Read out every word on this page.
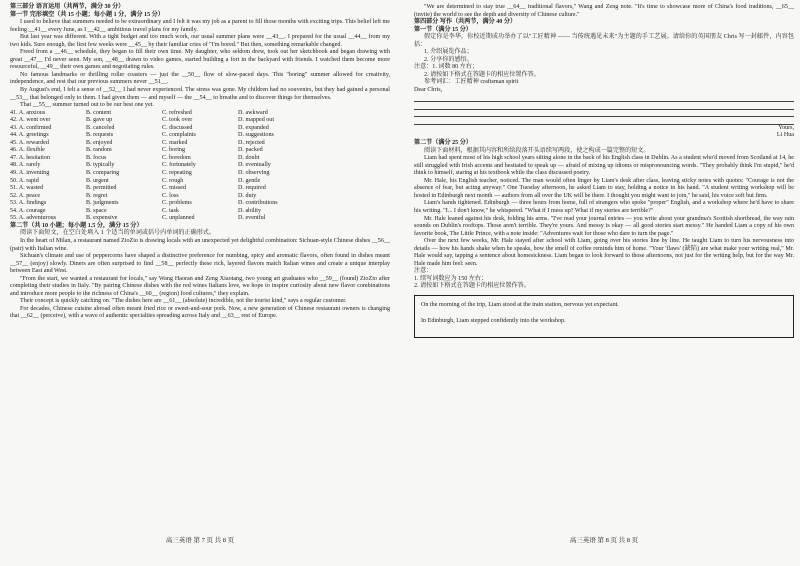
第三部分 语言运用（共两节，满分 30 分）

第一节 完形填空（共 15 小题；每小题 1 分，满分 15 分）

I used to believe that summers needed to be extraordinary and I felt it was my job as a parent to fill those months with exciting trips. This belief left me feeling __41__ every June, as I __42__ ambitious travel plans for my family.

But last year was different. With a tight budget and too much work, our usual summer plans were __43__. I prepared for the usual __44__ from my two kids. Sure enough, the first few weeks were __45__ by their familiar cries of "I'm bored." But then, something remarkable changed.

Freed from a __46__ schedule, they began to fill their own time. My daughter, who seldom drew, took out her sketchbook and began drawing with great __47__ I'd never seen. My son, __48__ drawn to video games, started building a fort in the backyard with friends. I watched them become more resourceful, __49__ their own games and negotiating rules.

No famous landmarks or thrilling roller coasters — just the __50__ flow of slow-paced days. This "boring" summer allowed for creativity, independence, and rest that our previous summers never __51__.

By August's end, I felt a sense of __52__ I had never experienced. The stress was gone. My children had no souvenirs, but they had gained a personal __53__ that belonged only to them. I had given them — and myself — the __54__ to breathe and to discover things for themselves.

That __55__ summer turned out to be our best one yet.

41. A. anxious	B. content	C. refreshed	D. awkward
42. A. went over	B. gave up	C. took over	D. mapped out
43. A. confirmed	B. canceled	C. discussed	D. expanded
44. A. greetings	B. requests	C. complaints	D. suggestions
45. A. rewarded	B. enjoyed	C. marked	D. rejected
46. A. flexible	B. random	C. boring	D. packed
47. A. hesitation	B. focus	C. boredom	D. doubt
48. A. rarely	B. typically	C. fortunately	D. eventually
49. A. inventing	B. comparing	C. repeating	D. observing
50. A. rapid	B. urgent	C. rough	D. gentle
51. A. wasted	B. permitted	C. missed	D. required
52. A. peace	B. regret	C. loss	D. duty
53. A. findings	B. judgments	C. problems	D. contributions
54. A. courage	B. space	C. task	D. ability
55. A. adventurous	B. expensive	C. unplanned	D. eventful

第二节（共 10 小题；每小题 1.5 分，满分 15 分）

阅读下面短文，在空白处填入 1 个适当的单词或括号内单词的正确形式。

In the heart of Milan, a restaurant named ZioZio is drawing locals with an unexpected yet delightful combination: Sichuan-style Chinese dishes __56__ (pair) with Italian wine.

Sichuan's climate and use of peppercorns have shaped a distinctive preference for numbing, spicy and aromatic flavors, often found in dishes meant __57__ (enjoy) slowly. Diners are often surprised to find __58__ perfectly these rich, layered flavors match Italian wines and create a unique interplay between East and West.

"From the start, we wanted a restaurant for locals," say Wang Haoran and Zeng Xiaotang, two young art graduates who __59__ (found) ZioZio after completing their studies in Italy. "By pairing Chinese dishes with the red wines Italians love, we hope to inspire curiosity about new flavor combinations and introduce more people to the richness of China's __60__ (region) food cultures," they explain.

Their concept is quickly catching on. "The dishes here are __61__ (absolute) incredible, not the tourist kind," says a regular customer.

For decades, Chinese cuisine abroad often meant fried rice or sweet-and-sour pork. Now, a new generation of Chinese restaurant owners is changing that __62__ (perceive), with a wave of authentic specialties spreading across Italy and __63__ rest of Europe.

高三英语 第 7 页 共 8 页

"We are determined to stay true __64__ traditional flavors," Wang and Zeng note. "It's time to showcase more of China's food traditions, __65__ (invite) the world to see the depth and diversity of Chinese culture."

第四部分 写作（共两节，满分 40 分）

第一节（满分 15 分）

假定你是李华，你校近期成功举办了以"工匠精神 —— 当传统遇见未来"为主题的手工艺展。请给你的英国朋友 Chris 写一封邮件，内容包括：

1. 介绍展览作品；

2. 分享你的感悟。

注意：1. 词数 80 左右；

2. 请按如下格式在答题卡的相应位置作答。

参考词汇：工匠精神 craftsman spirit

Dear Chris,

Yours,

Li Hua

第二节（满分 25 分）

阅读下面材料，根据其内容和所给段落开头语续写两段，使之构成一篇完整的短文。

Liam had spent most of his high school years sitting alone in the back of his English class in Dublin. As a student who'd moved from Scotland at 14, he still struggled with Irish accents and hesitated to speak up — afraid of mixing up idioms or mispronouncing words. "They probably think I'm stupid," he'd think to himself, staring at his textbook while the class discussed poetry.

Mr. Hale, his English teacher, noticed. The man would often linger by Liam's desk after class, leaving sticky notes with quotes: "Courage is not the absence of fear, but acting anyway." One Tuesday afternoon, he asked Liam to stay, holding a notice in his hand. "A student writing workshop will be hosted in Edinburgh next month — authors from all over the UK will be there. I thought you might want to join," he said, his voice soft but firm.

Liam's hands tightened. Edinburgh — three hours from home, full of strangers who spoke "proper" English, and a workshop where he'd have to share his writing. "I... I don't know," he whispered. "What if I mess up? What if my stories are terrible?"

Mr. Hale leaned against his desk, folding his arms. "I've read your journal entries — you write about your grandma's Scottish shortbread, the way rain sounds on Dublin's rooftops. Those aren't terrible. They're yours. And messy is okay — all good stories start messy." He handed Liam a copy of his own favorite book, The Little Prince, with a note inside: "Adventures wait for those who dare to turn the page."

Over the next few weeks, Mr. Hale stayed after school with Liam, going over his stories line by line. He taught Liam to turn his nervousness into details — how his hands shake when he speaks, how the smell of coffee reminds him of home. "Your 'flaws' (缺陷) are what make your writing real," Mr. Hale would say, tapping a sentence about homesickness. Liam began to look forward to those afternoons, not just for the writing help, but for the way Mr. Hale made him feel: seen.

注意：

1. 续写词数应为 150 左右；

2. 请按如下格式在答题卡的相应位置作答。

On the morning of the trip, Liam stood at the train station, nervous yet expectant.

In Edinburgh, Liam stepped confidently into the workshop.

高三英语 第 8 页 共 8 页
